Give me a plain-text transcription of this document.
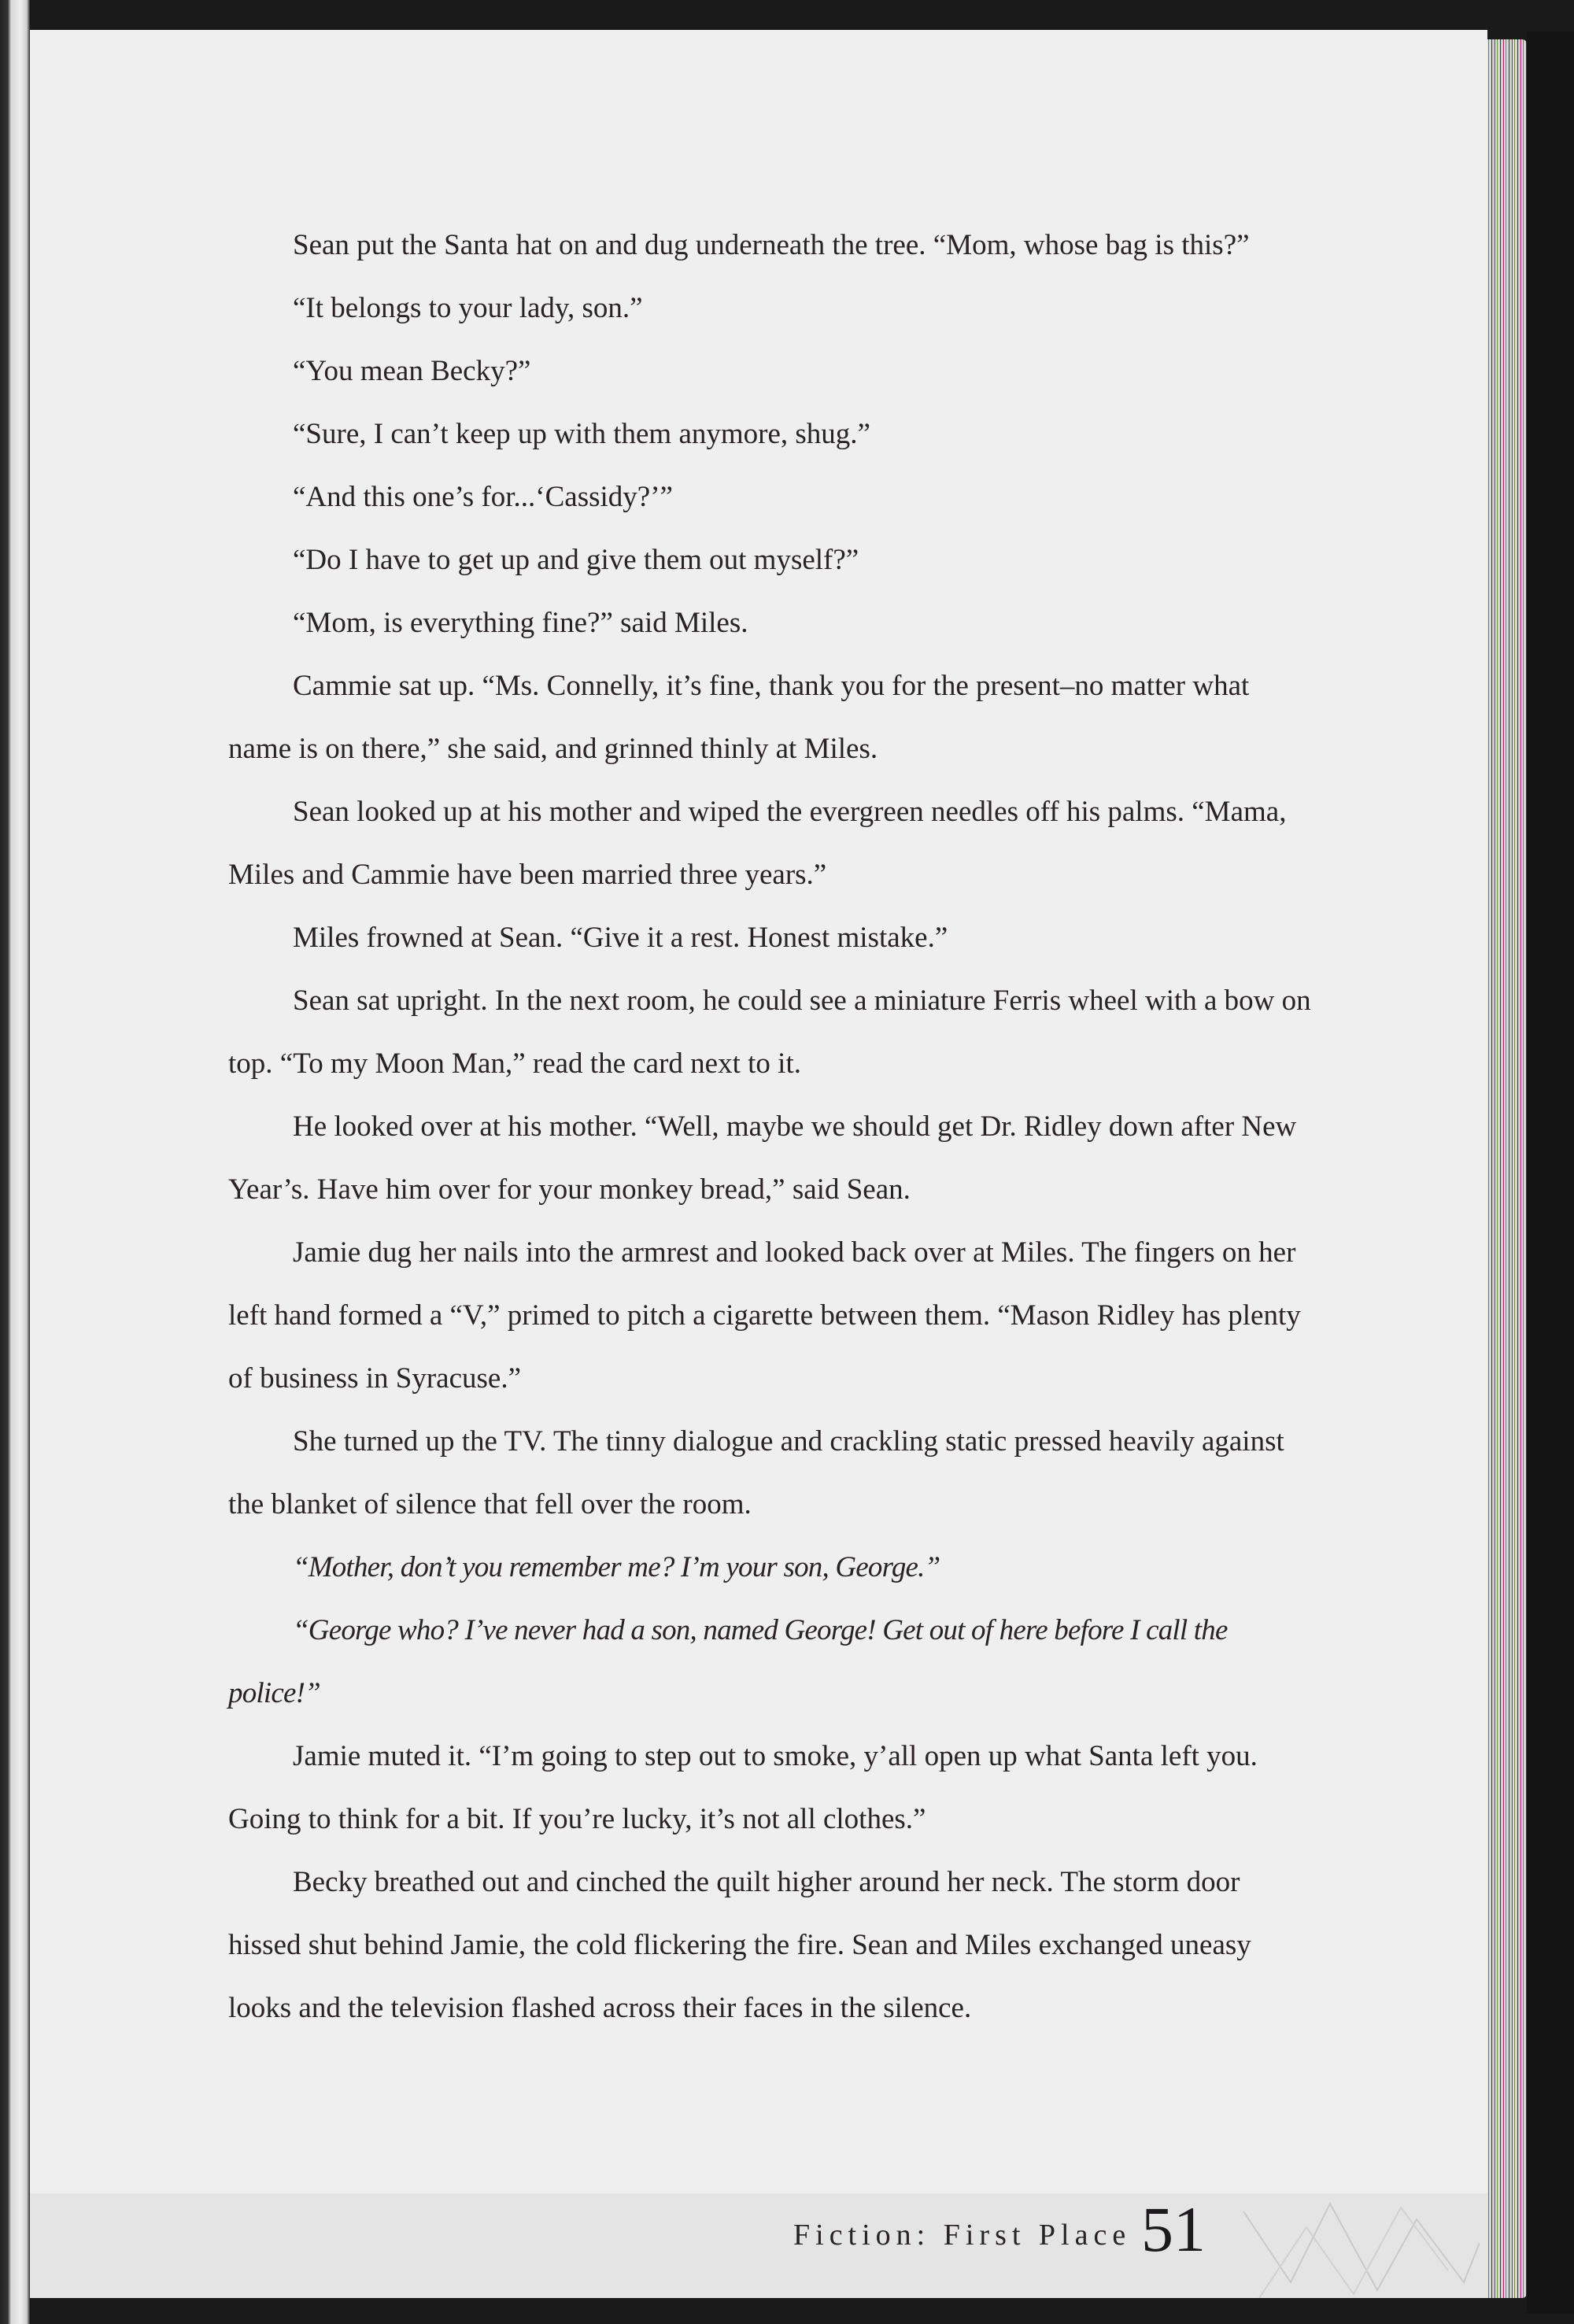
Sean put the Santa hat on and dug underneath the tree. “Mom, whose bag is this?”

“It belongs to your lady, son.”

“You mean Becky?”

“Sure, I can’t keep up with them anymore, shug.”

“And this one’s for...‘Cassidy?’”

“Do I have to get up and give them out myself?”

“Mom, is everything fine?” said Miles.

Cammie sat up. “Ms. Connelly, it’s fine, thank you for the present–no matter what name is on there,” she said, and grinned thinly at Miles.

Sean looked up at his mother and wiped the evergreen needles off his palms. “Mama, Miles and Cammie have been married three years.”

Miles frowned at Sean. “Give it a rest. Honest mistake.”

Sean sat upright. In the next room, he could see a miniature Ferris wheel with a bow on top. “To my Moon Man,” read the card next to it.

He looked over at his mother. “Well, maybe we should get Dr. Ridley down after New Year’s. Have him over for your monkey bread,” said Sean.

Jamie dug her nails into the armrest and looked back over at Miles. The fingers on her left hand formed a “V,” primed to pitch a cigarette between them. “Mason Ridley has plenty of business in Syracuse.”

She turned up the TV. The tinny dialogue and crackling static pressed heavily against the blanket of silence that fell over the room.

“Mother, don’t you remember me? I’m your son, George.”

“George who? I’ve never had a son, named George! Get out of here before I call the police!”

Jamie muted it. “I’m going to step out to smoke, y’all open up what Santa left you. Going to think for a bit. If you’re lucky, it’s not all clothes.”

Becky breathed out and cinched the quilt higher around her neck. The storm door hissed shut behind Jamie, the cold flickering the fire. Sean and Miles exchanged uneasy looks and the television flashed across their faces in the silence.

Fiction: First Place 51
